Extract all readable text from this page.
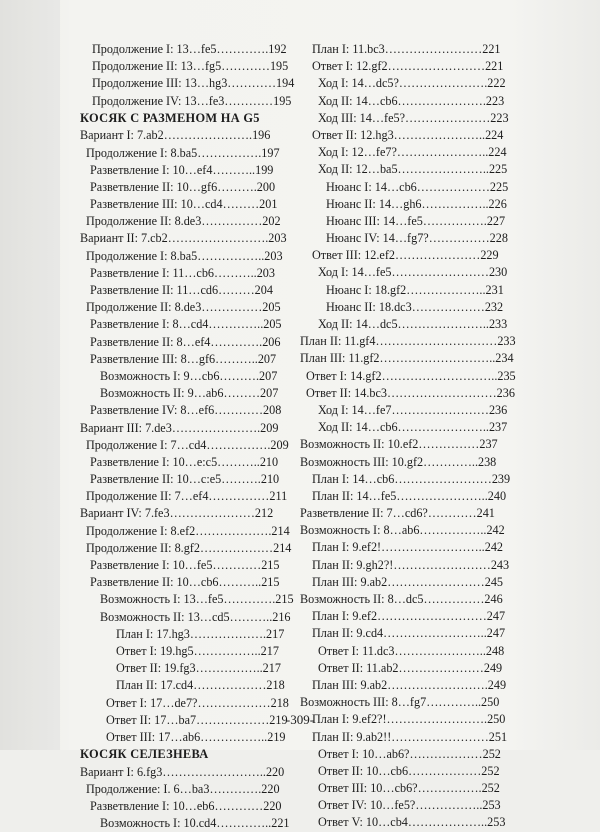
Продолжение I: 13…fe5………….192
Продолжение II: 13…fg5…………195
Продолжение III: 13…hg3…………194
Продолжение IV: 13…fe3…………195
КОСЯК С РАЗМЕНОМ НА G5
Вариант I: 7.ab2………………….196
Продолжение I: 8.ba5…………….197
Разветвление I: 10…ef4………..199
Разветвление II: 10…gf6……….200
Разветвление III: 10…cd4………201
Продолжение II: 8.de3……………202
Вариант II: 7.cb2…………………….203
Продолжение I: 8.ba5……………..203
Разветвление I: 11…cb6………..203
Разветвление II: 11…cd6………204
Продолжение II: 8.de3……………205
Разветвление I: 8…cd4…………..205
Разветвление II: 8…ef4………….206
Разветвление III: 8…gf6………..207
Возможность I: 9…cb6……….207
Возможность II: 9…ab6………207
Разветвление IV: 8…ef6…………208
Вариант III: 7.de3………………….209
Продолжение I: 7…cd4…………….209
Разветвление I: 10…e:c5………..210
Разветвление II: 10…c:e5……….210
Продолжение II: 7…ef4……………211
Вариант IV: 7.fe3…………………212
Продолжение I: 8.ef2……………….214
Продолжение II: 8.gf2………………214
Разветвление I: 10…fe5…………215
Разветвление II: 10…cb6………..215
Возможность I: 13…fe5………….215
Возможность II: 13…cd5………..216
План I: 17.hg3……………….217
Ответ I: 19.hg5……………..217
Ответ II: 19.fg3……………..217
План II: 17.cd4………………218
Ответ I: 17…de7?………………218
Ответ II: 17…ba7………………219
Ответ III: 17…ab6……………..219
КОСЯК СЕЛЕЗНЕВА
Вариант I: 6.fg3……………………..220
Продолжение: I. 6…ba3………….220
Разветвление I: 10…eb6…………220
Возможность I: 10.cd4…………..221
План I: 11.bc3……………………221
Ответ I: 12.gf2……………………221
Ход I: 14…dc5?………………….222
Ход II: 14…cb6………………….223
Ход III: 14…fe5?…………………223
Ответ II: 12.hg3…………………..224
Ход I: 12…fe7?…………………..224
Ход II: 12…ba5…………………..225
Нюанс I: 14…cb6………………225
Нюанс II: 14…gh6……………..226
Нюанс III: 14…fe5…………….227
Нюанс IV: 14…fg7?……………228
Ответ III: 12.ef2…………………229
Ход I: 14…fe5……………………230
Нюанс I: 18.gf2………………..231
Нюанс II: 18.dc3………………232
Ход II: 14…dc5…………………..233
План II: 11.gf4…………………………233
План III: 11.gf2………………………..234
Ответ I: 14.gf2………………………..235
Ответ II: 14.bc3………………………236
Ход I: 14…fe7……………………236
Ход II: 14…cb6…………………..237
Возможность II: 10.ef2……………237
Возможность III: 10.gf2…………..238
План I: 14…cb6……………………239
План II: 14…fe5…………………..240
Разветвление II: 7…cd6?…………241
Возможность I: 8…ab6……………..242
План I: 9.ef2!……………………..242
План II: 9.gh2?!……………………243
План III: 9.ab2……………………245
Возможность II: 8…dc5……………246
План I: 9.ef2………………………247
План II: 9.cd4……………………..247
Ответ I: 11.dc3…………………..248
Ответ II: 11.ab2…………………249
План III: 9.ab2…………………….249
Возможность III: 8…fg7…………..250
План I: 9.ef2?!…………………….250
План II: 9.ab2!!……………………251
Ответ I: 10…ab6?………………252
Ответ II: 10…cb6………………252
Ответ III: 10…cb6?…………….252
Ответ IV: 10…fe5?……………..253
Ответ V: 10…cb4………………..253
-309-
